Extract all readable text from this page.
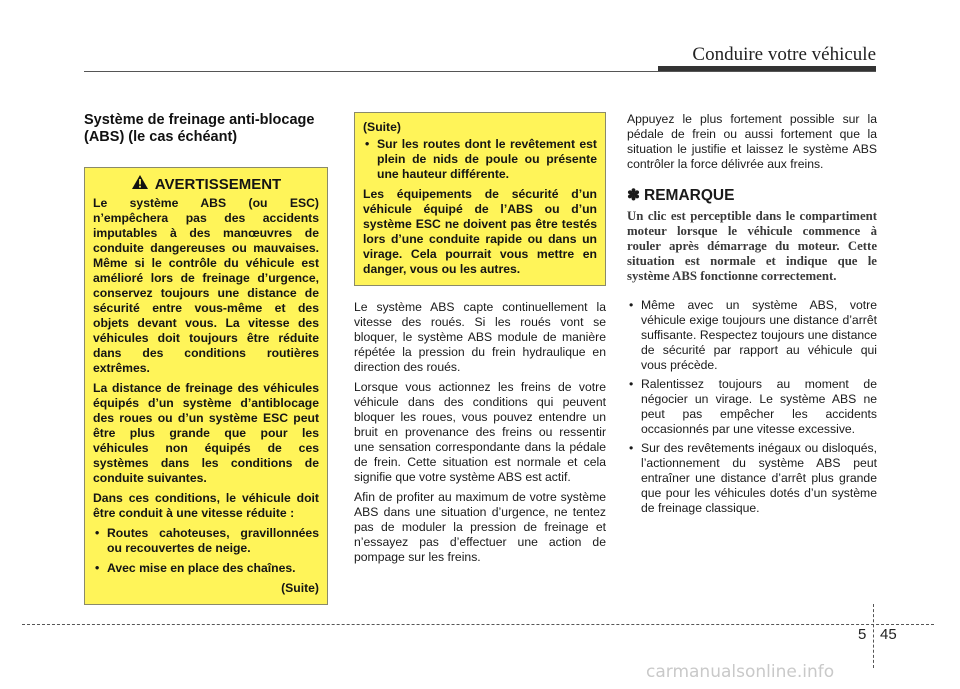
Conduire votre véhicule
Système de freinage anti-blocage (ABS) (le cas échéant)
AVERTISSEMENT

Le système ABS (ou ESC) n’empêchera pas des accidents imputables à des manœuvres de conduite dangereuses ou mauvaises. Même si le contrôle du véhicule est amélioré lors de freinage d’urgence, conservez toujours une distance de sécurité entre vous-même et des objets devant vous. La vitesse des véhicules doit toujours être réduite dans des conditions routières extrêmes.

La distance de freinage des véhicules équipés d’un système d’antiblocage des roues ou d’un système ESC peut être plus grande que pour les véhicules non équipés de ces systèmes dans les conditions de conduite suivantes.

Dans ces conditions, le véhicule doit être conduit à une vitesse réduite :

• Routes cahoteuses, gravillonnées ou recouvertes de neige.
• Avec mise en place des chaînes.
(Suite)

(Suite)

• Sur les routes dont le revêtement est plein de nids de poule ou présente une hauteur différente.

Les équipements de sécurité d’un véhicule équipé de l’ABS ou d’un système ESC ne doivent pas être testés lors d’une conduite rapide ou dans un virage. Cela pourrait vous mettre en danger, vous ou les autres.

Le système ABS capte continuellement la vitesse des roués. Si les roués vont se bloquer, le système ABS module de manière répétée la pression du frein hydraulique en direction des roués.

Lorsque vous actionnez les freins de votre véhicule dans des conditions qui peuvent bloquer les roues, vous pouvez entendre un bruit en provenance des freins ou ressentir une sensation correspondante dans la pédale de frein. Cette situation est normale et cela signifie que votre système ABS est actif.

Afin de profiter au maximum de votre système ABS dans une situation d’urgence, ne tentez pas de moduler la pression de freinage et n’essayez pas d’effectuer une action de pompage sur les freins.

Appuyez le plus fortement possible sur la pédale de frein ou aussi fortement que la situation le justifie et laissez le système ABS contrôler la force délivrée aux freins.

✽ REMARQUE
Un clic est perceptible dans le compartiment moteur lorsque le véhicule commence à rouler après démarrage du moteur. Cette situation est normale et indique que le système ABS fonctionne correctement.
• Même avec un système ABS, votre véhicule exige toujours une distance d’arrêt suffisante. Respectez toujours une distance de sécurité par rapport au véhicule qui vous précède.
• Ralentissez toujours au moment de négocier un virage. Le système ABS ne peut pas empêcher les accidents occasionnés par une vitesse excessive.
• Sur des revêtements inégaux ou disloqués, l’actionnement du système ABS peut entraîner une distance d’arrêt plus grande que pour les véhicules dotés d’un système de freinage classique.
5 45
carmanualsonline.info
